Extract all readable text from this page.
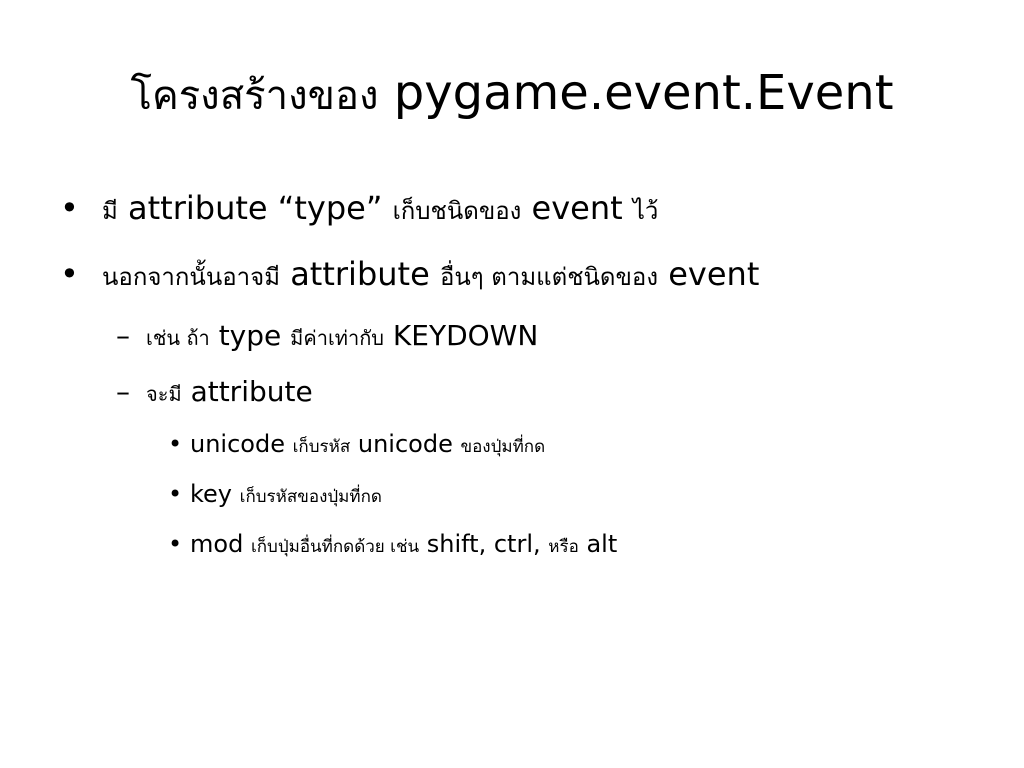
โครงสร้างของ pygame.event.Event
• มี attribute “type” เก็บชนิดของ event ไว้
• นอกจากนั้นอาจมี attribute อื่นๆ ตามแต่ชนิดของ event
– เช่น ถ้า type มีค่าเท่ากับ KEYDOWN
– จะมี attribute
• unicode เก็บรหัส unicode ของปุ่มที่กด
• key เก็บรหัสของปุ่มที่กด
• mod เก็บปุ่มอื่นที่กดด้วย เช่น shift, ctrl, หรือ alt
